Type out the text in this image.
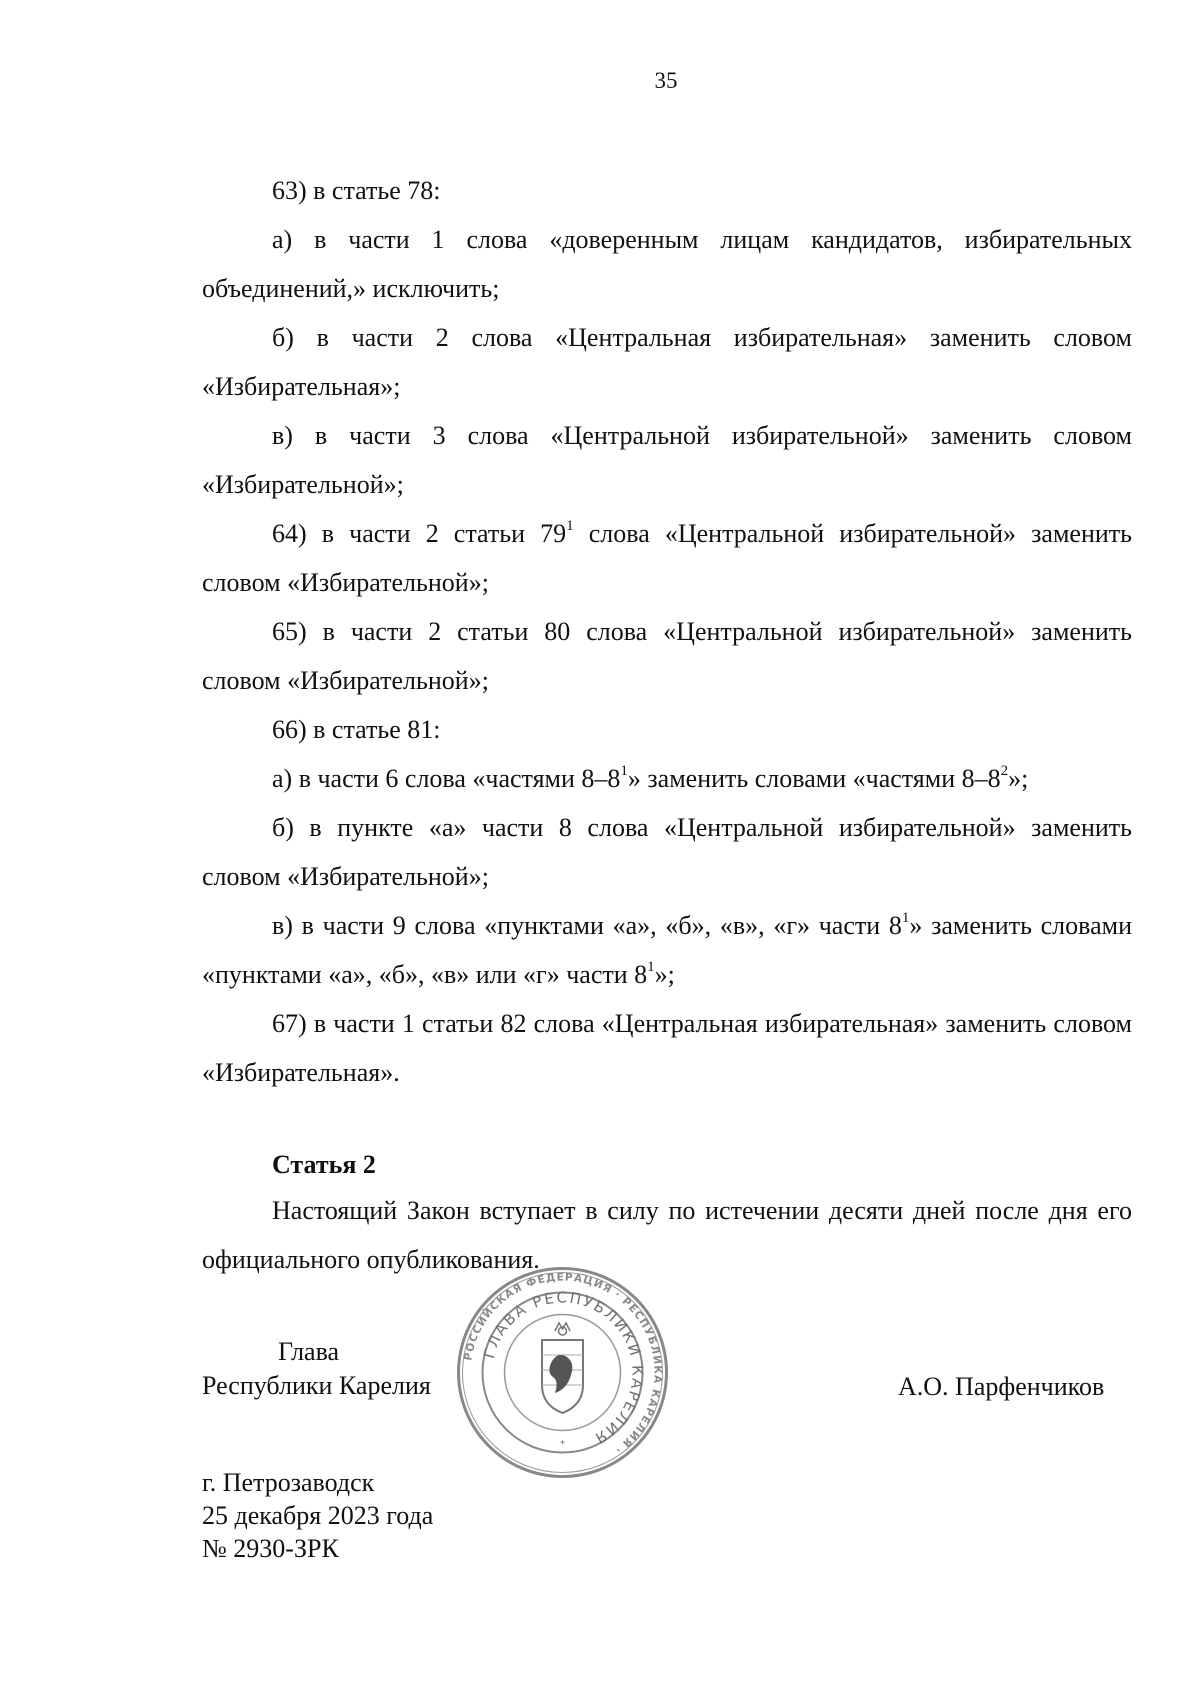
35

63) в статье 78:

а) в части 1 слова «доверенным лицам кандидатов, избирательных объединений,» исключить;

б) в части 2 слова «Центральная избирательная» заменить словом «Избирательная»;

в) в части 3 слова «Центральной избирательной» заменить словом «Избирательной»;

64) в части 2 статьи $79^1$ слова «Центральной избирательной» заменить словом «Избирательной»;

65) в части 2 статьи 80 слова «Центральной избирательной» заменить словом «Избирательной»;

66) в статье 81:

а) в части 6 слова «частями $8-8^1$» заменить словами «частями $8-8^2$»;

б) в пункте «а» части 8 слова «Центральной избирательной» заменить словом «Избирательной»;

в) в части 9 слова «пунктами «а», «б», «в», «г» части $8^1$» заменить словами «пунктами «а», «б», «в» или «г» части $8^1$»;

67) в части 1 статьи 82 слова «Центральная избирательная» заменить словом «Избирательная».

Статья 2

Настоящий Закон вступает в силу по истечении десяти дней после дня его официального опубликования.

РОССИЙСКАЯ ФЕДЕРАЦИЯ · РЕСПУБЛИКА КАРЕЛИЯ ·
ГЛАВА РЕСПУБЛИКИ КАРЕЛИЯ
*
Глава
Республики Карелия	А.О. Парфенчиков
г. Петрозаводск
25 декабря 2023 года
№ 2930-ЗРК
